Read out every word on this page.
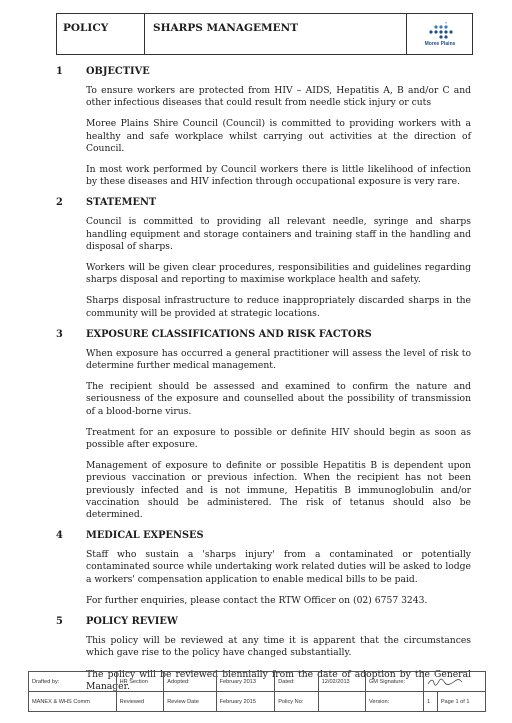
POLICY	SHARPS MANAGEMENT
Moree Plains
1	OBJECTIVE

To ensure workers are protected from HIV – AIDS, Hepatitis A, B and/or C and other infectious diseases that could result from needle stick injury or cuts

Moree Plains Shire Council (Council) is committed to providing workers with a healthy and safe workplace whilst carrying out activities at the direction of Council.

In most work performed by Council workers there is little likelihood of infection by these diseases and HIV infection through occupational exposure is very rare.

2	STATEMENT

Council is committed to providing all relevant needle, syringe and sharps handling equipment and storage containers and training staff in the handling and disposal of sharps.

Workers will be given clear procedures, responsibilities and guidelines regarding sharps disposal and reporting to maximise workplace health and safety.

Sharps disposal infrastructure to reduce inappropriately discarded sharps in the community will be provided at strategic locations.

3	EXPOSURE CLASSIFICATIONS AND RISK FACTORS

When exposure has occurred a general practitioner will assess the level of risk to determine further medical management.

The recipient should be assessed and examined to confirm the nature and seriousness of the exposure and counselled about the possibility of transmission of a blood-borne virus.

Treatment for an exposure to possible or definite HIV should begin as soon as possible after exposure.

Management of exposure to definite or possible Hepatitis B is dependent upon previous vaccination or previous infection. When the recipient has not been previously infected and is not immune, Hepatitis B immunoglobulin and/or vaccination should be administered. The risk of tetanus should also be determined.

4	MEDICAL EXPENSES

Staff who sustain a 'sharps injury' from a contaminated or potentially contaminated source while undertaking work related duties will be asked to lodge a workers' compensation application to enable medical bills to be paid.

For further enquiries, please contact the RTW Officer on (02) 6757 3243.

5	POLICY REVIEW

This policy will be reviewed at any time it is apparent that the circumstances which gave rise to the policy have changed substantially.

The policy will be reviewed biennially from the date of adoption by the General Manager.

Drafted by:	HR Section	Adopted:	February 2013	Dated:	12/02/2013	GM Signature:	
MANEX & WHS Comm	Reviewed	Review Date	February 2015	Policy No:		Version:	1	Page 1 of 1
